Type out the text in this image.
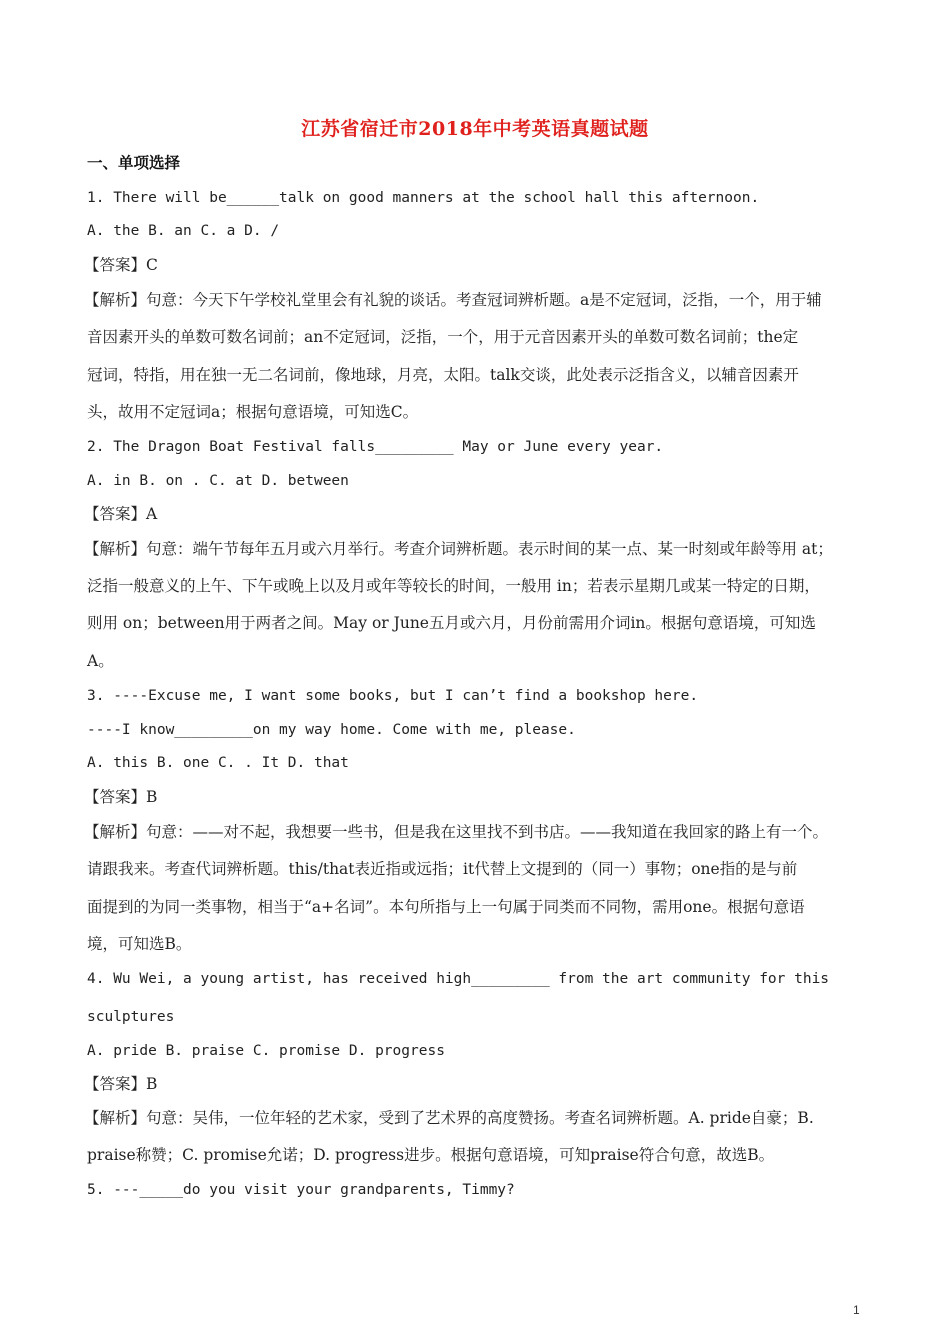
江苏省宿迁市2018年中考英语真题试题
一、单项选择
1. There will be______talk on good manners at the school hall this afternoon.
A. the B. an C. a D. /
【答案】C
【解析】句意：今天下午学校礼堂里会有礼貌的谈话。考查冠词辨析题。a是不定冠词，泛指，一个，用于辅
音因素开头的单数可数名词前；an不定冠词，泛指，一个，用于元音因素开头的单数可数名词前；the定
冠词，特指，用在独一无二名词前，像地球，月亮，太阳。talk交谈，此处表示泛指含义，以辅音因素开
头，故用不定冠词a；根据句意语境，可知选C。
2. The Dragon Boat Festival falls_________ May or June every year.
A. in B. on . C. at D. between
【答案】A
【解析】句意：端午节每年五月或六月举行。考查介词辨析题。表示时间的某一点、某一时刻或年龄等用 at；
泛指一般意义的上午、下午或晚上以及月或年等较长的时间，一般用 in；若表示星期几或某一特定的日期，
则用 on；between用于两者之间。May or June五月或六月，月份前需用介词in。根据句意语境，可知选
A。
3. ----Excuse me, I want some books, but I can’t find a bookshop here.
----I know_________on my way home. Come with me, please.
A. this B. one C. . It D. that
【答案】B
【解析】句意：——对不起，我想要一些书，但是我在这里找不到书店。——我知道在我回家的路上有一个。
请跟我来。考查代词辨析题。this/that表近指或远指；it代替上文提到的（同一）事物；one指的是与前
面提到的为同一类事物，相当于“a+名词”。本句所指与上一句属于同类而不同物，需用one。根据句意语
境，可知选B。
4. Wu Wei, a young artist, has received high_________ from the art community for this
sculptures
A. pride B. praise C. promise D. progress
【答案】B
【解析】句意：吴伟，一位年轻的艺术家，受到了艺术界的高度赞扬。考查名词辨析题。A. pride自豪；B.
praise称赞；C. promise允诺；D. progress进步。根据句意语境，可知praise符合句意，故选B。
5. ---_____do you visit your grandparents, Timmy?
1
